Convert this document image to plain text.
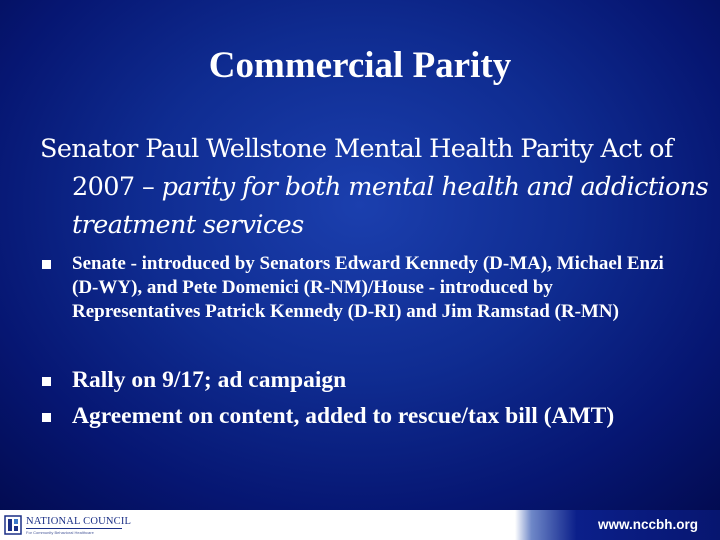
Commercial Parity

Senator Paul Wellstone Mental Health Parity Act of 2007 – parity for both mental health and addictions treatment services

Senate - introduced by Senators Edward Kennedy (D-MA), Michael Enzi (D-WY), and Pete Domenici (R-NM)/House - introduced by Representatives Patrick Kennedy (D-RI) and Jim Ramstad (R-MN)
Rally on 9/17; ad campaign
Agreement on content, added to rescue/tax bill (AMT)
NATIONAL COUNCIL
For Community Behavioral Healthcare	www.nccbh.org
